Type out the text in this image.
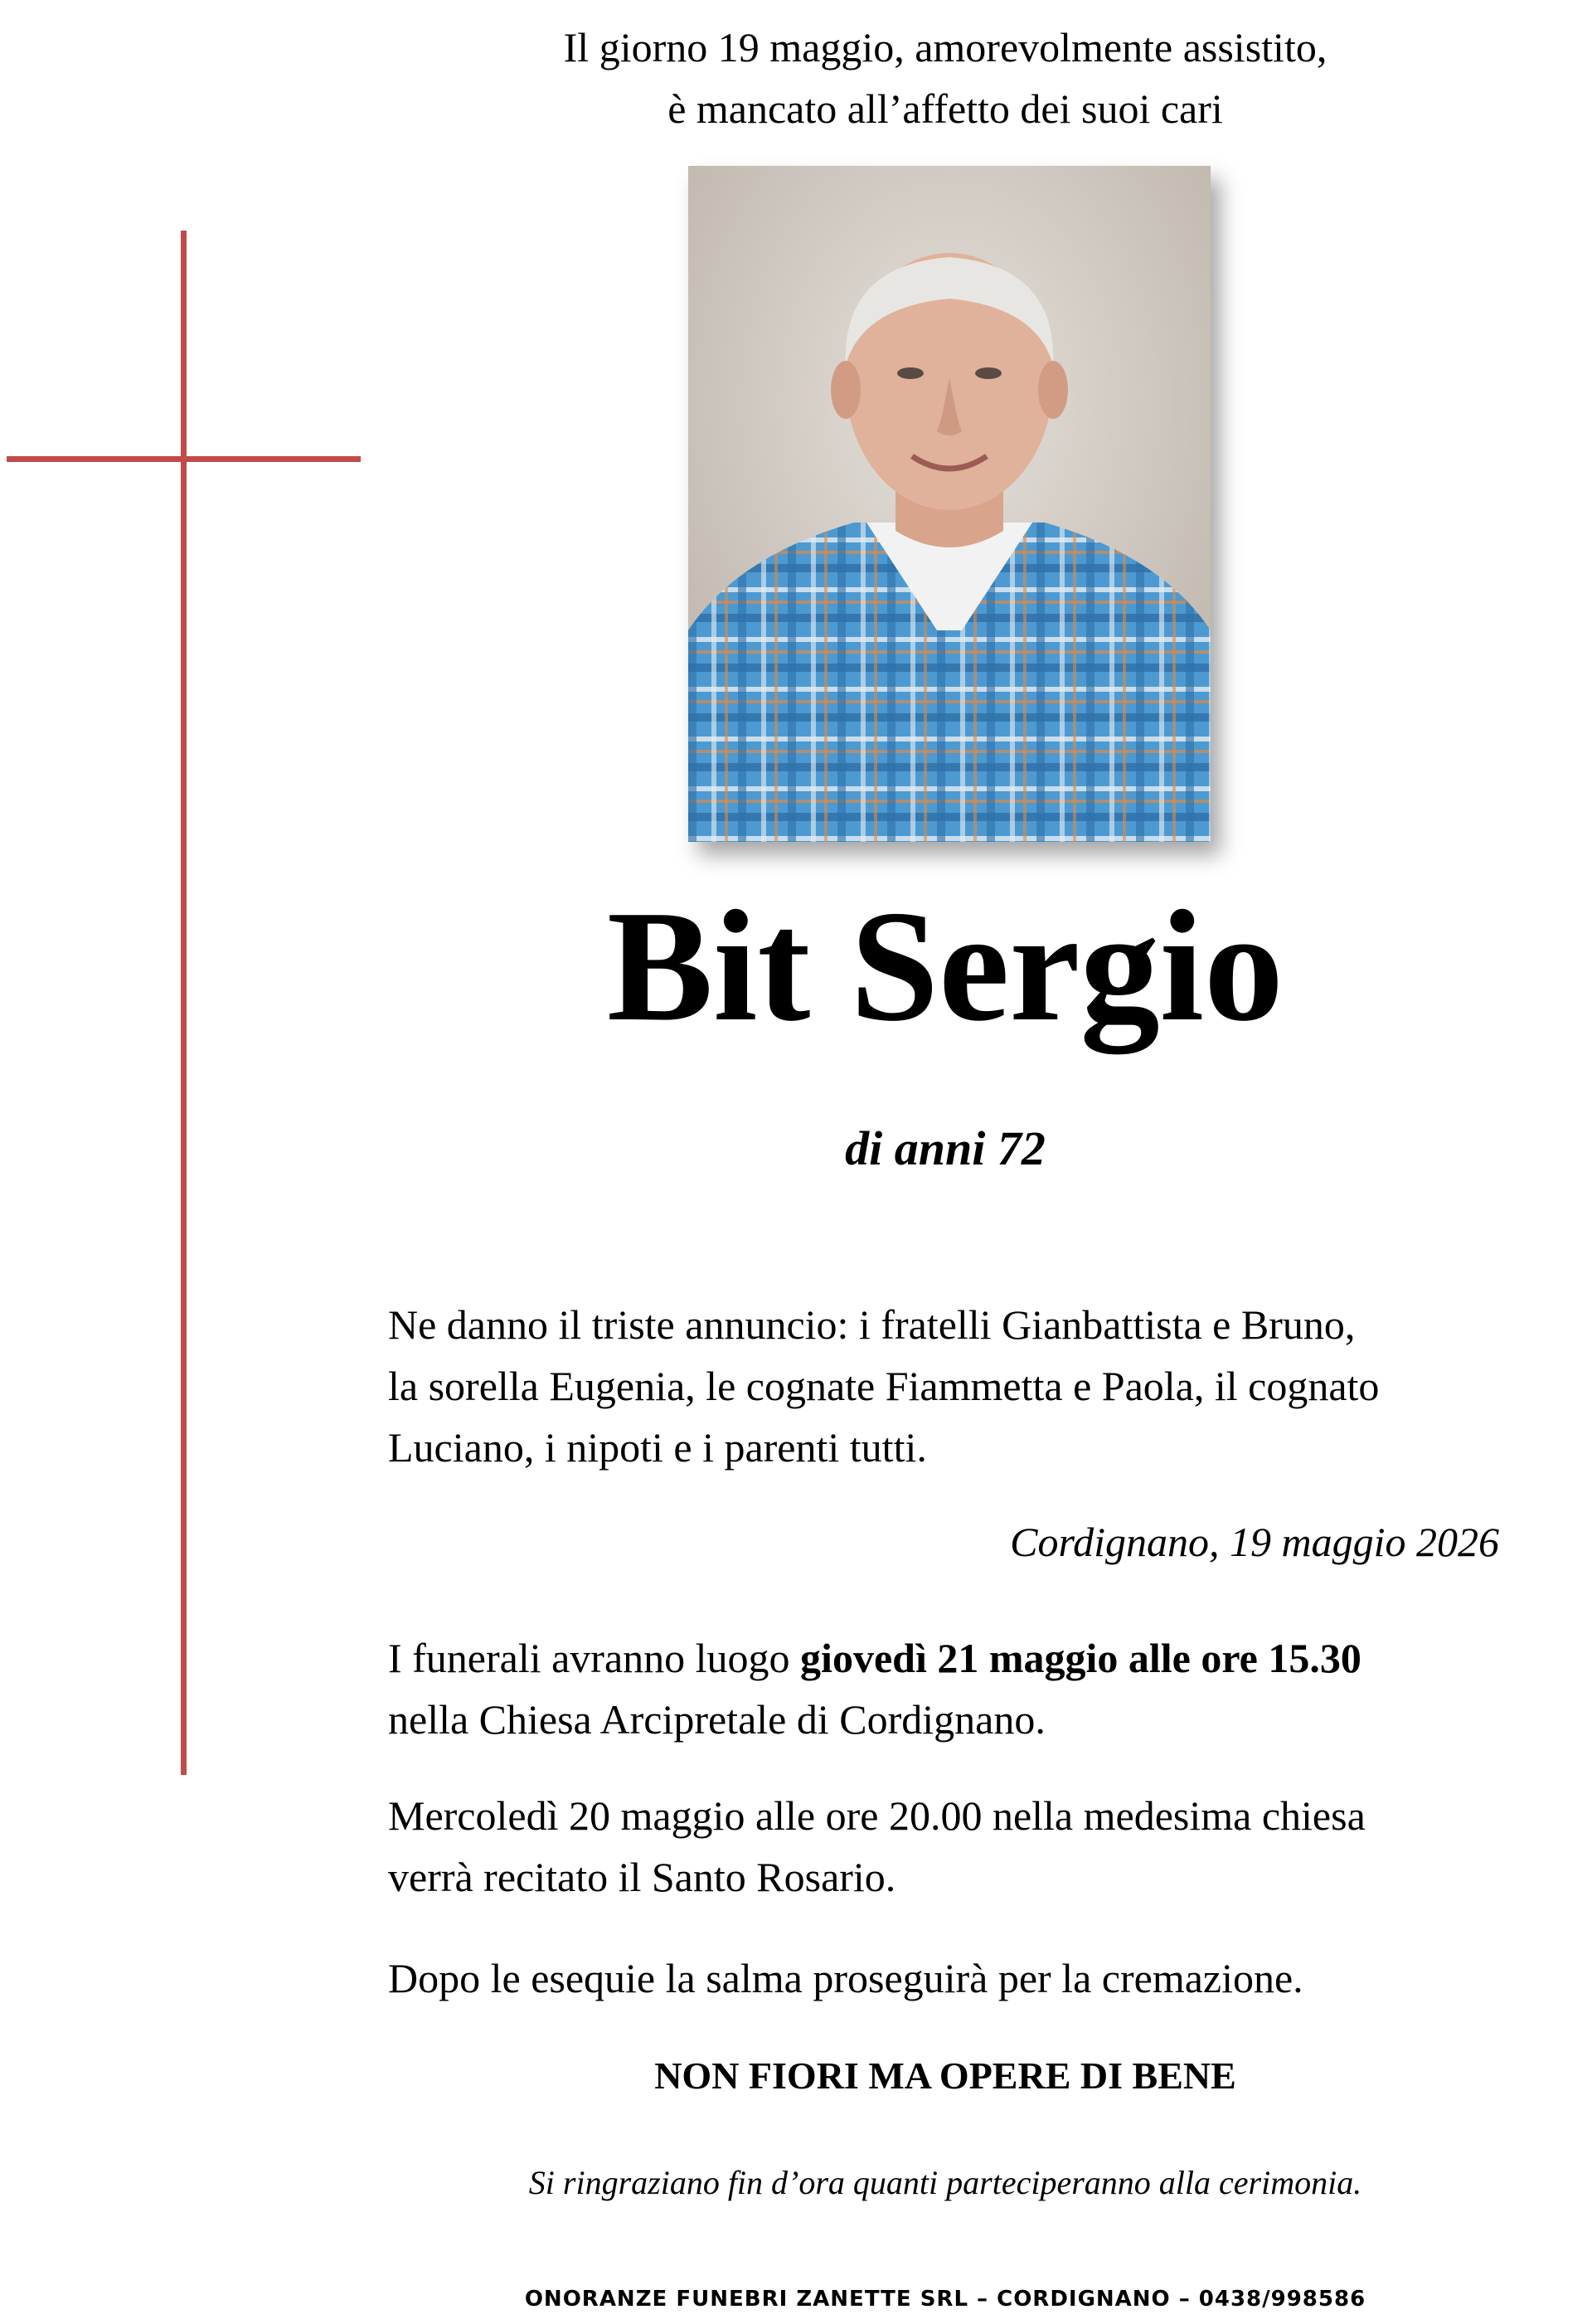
Il giorno 19 maggio, amorevolmente assistito,
è mancato all’affetto dei suoi cari
Bit Sergio
di anni 72
Ne danno il triste annuncio: i fratelli Gianbattista e Bruno,
la sorella Eugenia, le cognate Fiammetta e Paola, il cognato
Luciano, i nipoti e i parenti tutti.
Cordignano, 19 maggio 2026
I funerali avranno luogo giovedì 21 maggio alle ore 15.30
nella Chiesa Arcipretale di Cordignano.
Mercoledì 20 maggio alle ore 20.00 nella medesima chiesa
verrà recitato il Santo Rosario.
Dopo le esequie la salma proseguirà per la cremazione.
NON FIORI MA OPERE DI BENE
Si ringraziano fin d’ora quanti parteciperanno alla cerimonia.
ONORANZE FUNEBRI ZANETTE SRL – CORDIGNANO – 0438/998586
